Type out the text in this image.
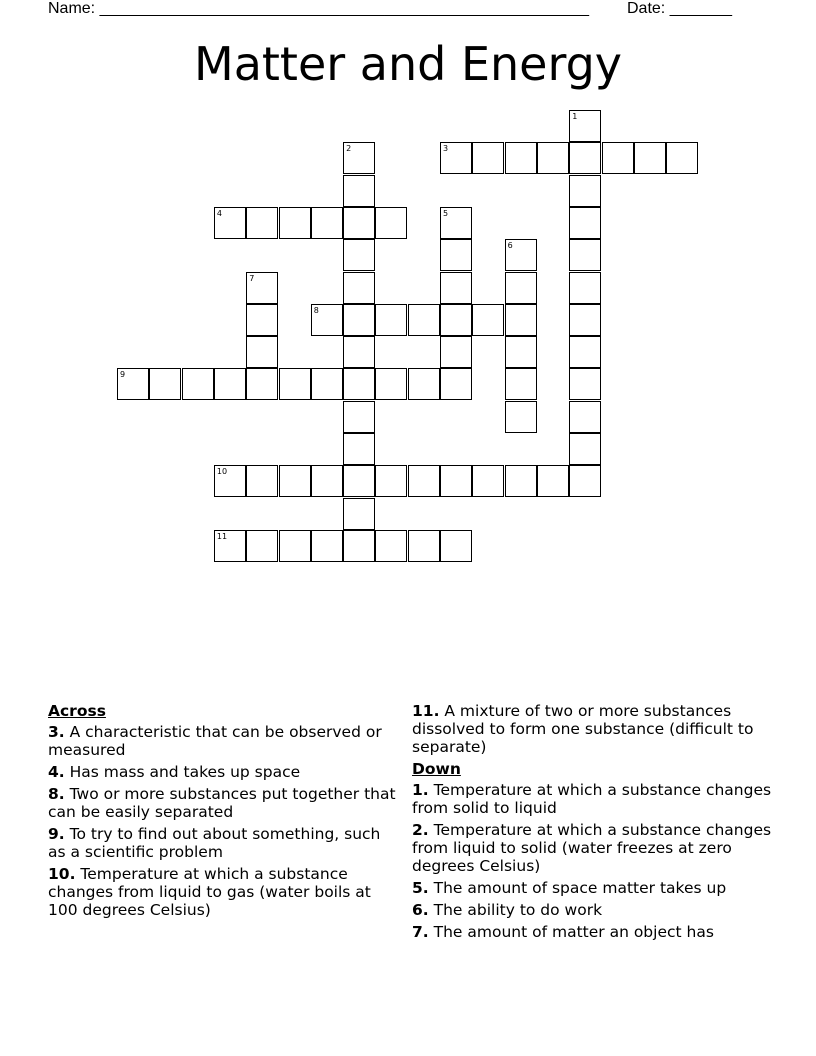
Name: _______________________________________________________ Date: _______
Matter and Energy
1
2	3
4	5
6
7
8
9
10
11
Across
3. A characteristic that can be observed or measured
4. Has mass and takes up space
8. Two or more substances put together that can be easily separated
9. To try to find out about something, such as a scientific problem
10. Temperature at which a substance changes from liquid to gas (water boils at 100 degrees Celsius)
11. A mixture of two or more substances dissolved to form one substance (difficult to separate)
Down
1. Temperature at which a substance changes from solid to liquid
2. Temperature at which a substance changes from liquid to solid (water freezes at zero degrees Celsius)
5. The amount of space matter takes up
6. The ability to do work
7. The amount of matter an object has
